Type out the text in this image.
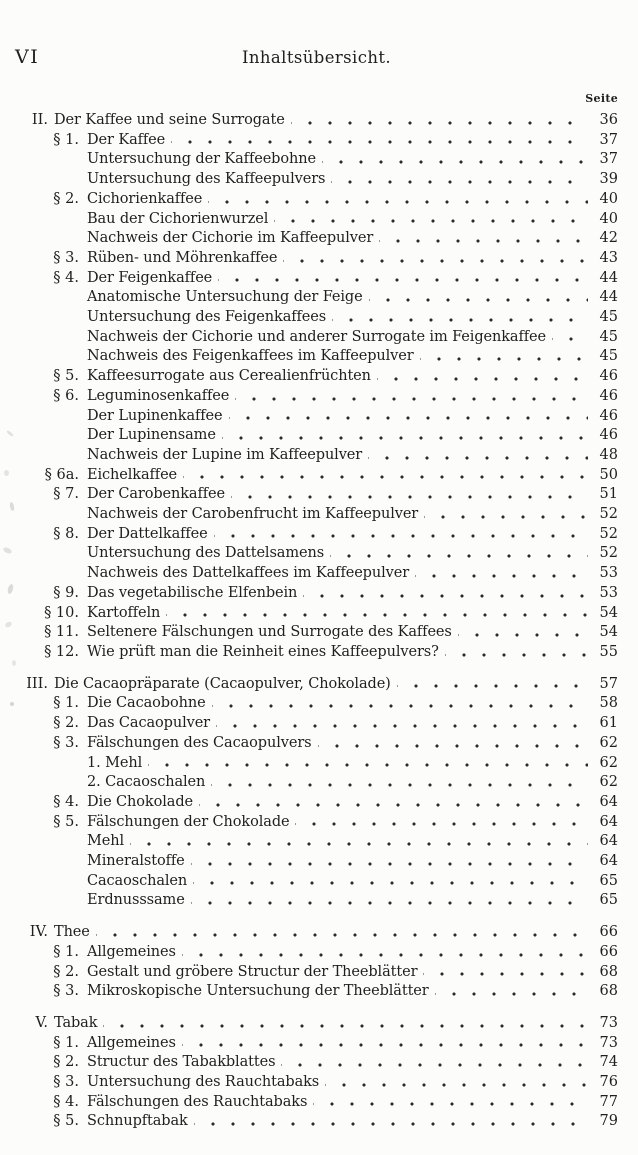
VI	Inhaltsübersicht.
Seite
II. Der Kaffee und seine Surrogate	36
§ 1. Der Kaffee	37
Untersuchung der Kaffeebohne	37
Untersuchung des Kaffeepulvers	39
§ 2. Cichorienkaffee	40
Bau der Cichorienwurzel	40
Nachweis der Cichorie im Kaffeepulver	42
§ 3. Rüben- und Möhrenkaffee	43
§ 4. Der Feigenkaffee	44
Anatomische Untersuchung der Feige	44
Untersuchung des Feigenkaffees	45
Nachweis der Cichorie und anderer Surrogate im Feigenkaffee	45
Nachweis des Feigenkaffees im Kaffeepulver	45
§ 5. Kaffeesurrogate aus Cerealienfrüchten	46
§ 6. Leguminosenkaffee	46
Der Lupinenkaffee	46
Der Lupinensame	46
Nachweis der Lupine im Kaffeepulver	48
§ 6a. Eichelkaffee	50
§ 7. Der Carobenkaffee	51
Nachweis der Carobenfrucht im Kaffeepulver	52
§ 8. Der Dattelkaffee	52
Untersuchung des Dattelsamens	52
Nachweis des Dattelkaffees im Kaffeepulver	53
§ 9. Das vegetabilische Elfenbein	53
§ 10. Kartoffeln	54
§ 11. Seltenere Fälschungen und Surrogate des Kaffees	54
§ 12. Wie prüft man die Reinheit eines Kaffeepulvers?	55
III. Die Cacaopräparate (Cacaopulver, Chokolade)	57
§ 1. Die Cacaobohne	58
§ 2. Das Cacaopulver	61
§ 3. Fälschungen des Cacaopulvers	62
1. Mehl	62
2. Cacaoschalen	62
§ 4. Die Chokolade	64
§ 5. Fälschungen der Chokolade	64
Mehl	64
Mineralstoffe	64
Cacaoschalen	65
Erdnusssame	65
IV. Thee	66
§ 1. Allgemeines	66
§ 2. Gestalt und gröbere Structur der Theeblätter	68
§ 3. Mikroskopische Untersuchung der Theeblätter	68
V. Tabak	73
§ 1. Allgemeines	73
§ 2. Structur des Tabakblattes	74
§ 3. Untersuchung des Rauchtabaks	76
§ 4. Fälschungen des Rauchtabaks	77
§ 5. Schnupftabak	79
